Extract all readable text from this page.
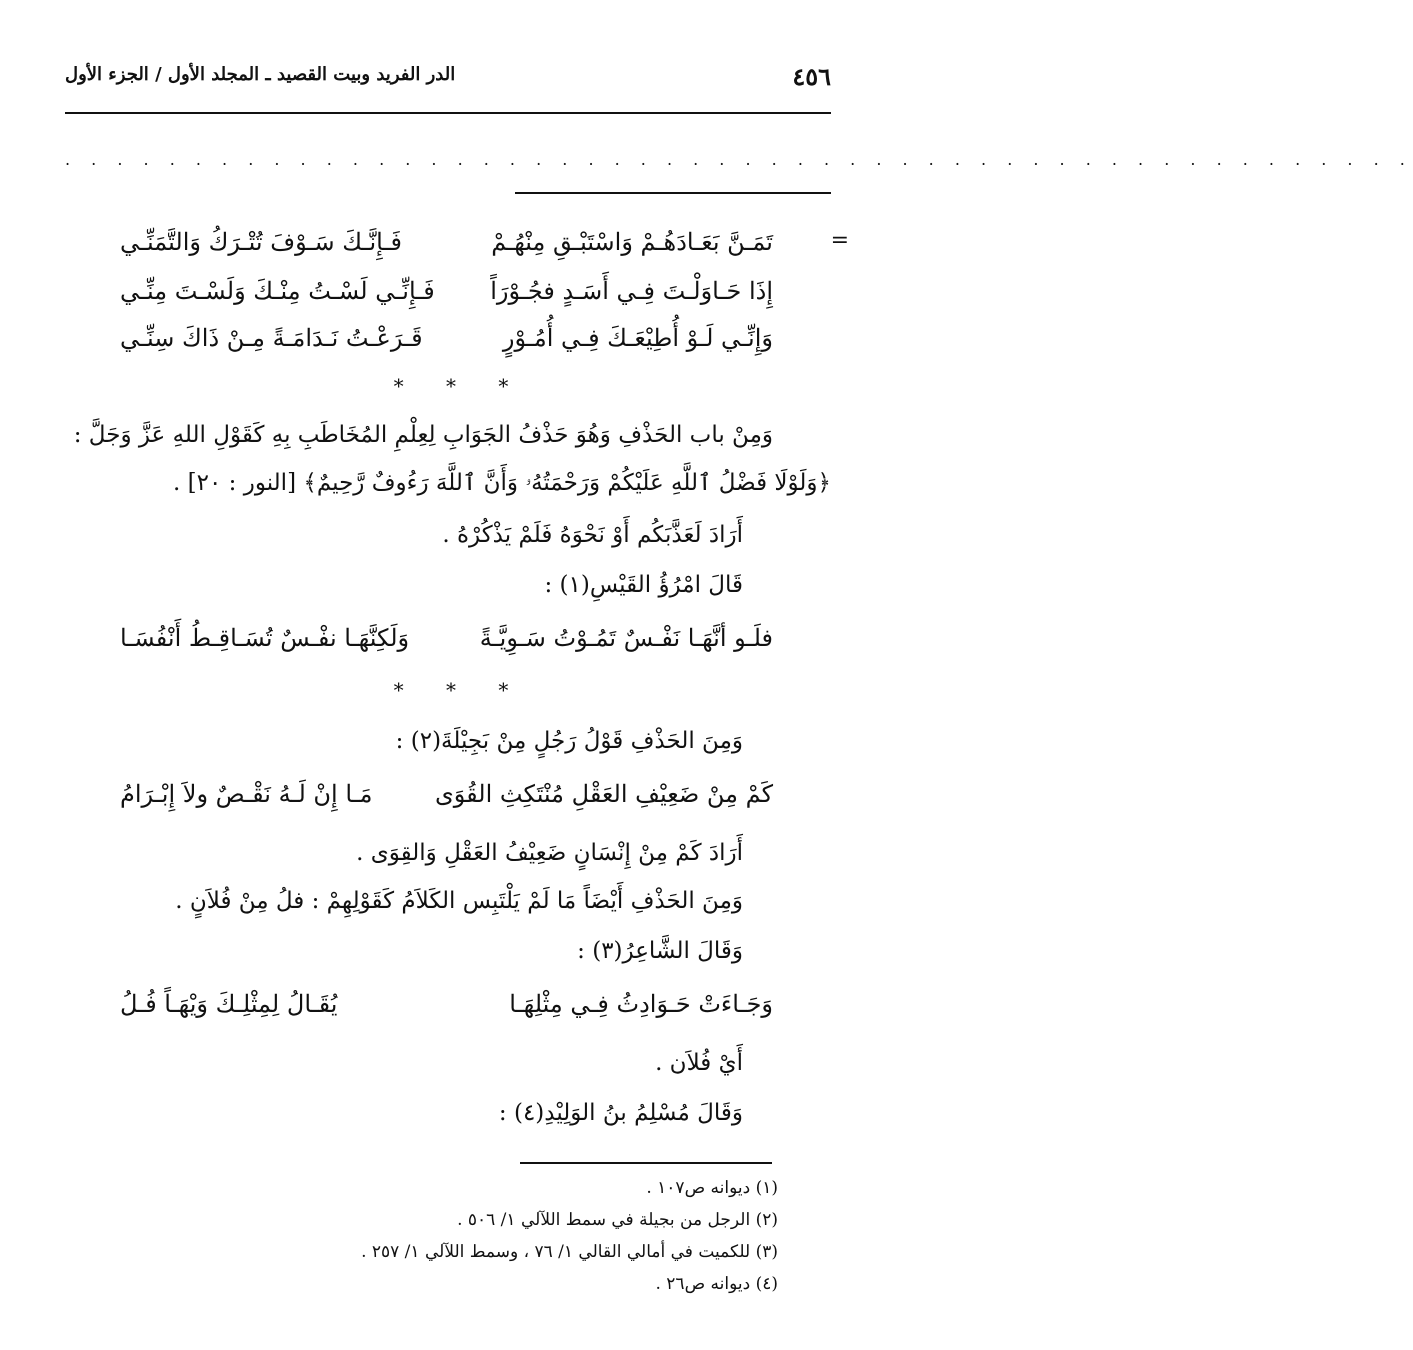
٤٥٦
الدر الفريد وبيت القصيد ـ المجلد الأول / الجزء الأول
. . . . . . . . . . . . . . . . . . . . . . . . . . . . . . . . . . . . . . . . . . . . . . . . . . . .
=
تَمَـنَّ بَعَـادَهُـمْ وَاسْتَبْـقِ مِنْهُـمْ
فَـإِنَّـكَ سَـوْفَ تُتْـرَكُ وَالتَّمَنِّـي
إِذَا حَـاوَلْـتَ فِـي أَسَـدٍ فجُـوْرَاً
فَـإِنِّـي لَسْـتُ مِنْـكَ وَلَسْـتَ مِنِّـي
وَإِنِّـي لَـوْ أُطِيْعَـكَ فِـي أُمُـوْرٍ
قَـرَعْـتُ نَـدَامَـةً مِـنْ ذَاكَ سِنِّـي
* * *
وَمِنْ باب الحَذْفِ وَهُوَ حَذْفُ الجَوَابِ لِعِلْمِ المُخَاطَبِ بِهِ كَقَوْلِ اللهِ عَزَّ وَجَلَّ :
﴿وَلَوْلَا فَضْلُ ٱللَّهِ عَلَيْكُمْ وَرَحْمَتُهُۥ وَأَنَّ ٱللَّهَ رَءُوفٌ رَّحِيمٌ﴾ [النور : ٢٠] .
أَرَادَ لَعَذَّبَكُم أَوْ نَحْوَهُ فَلَمْ يَذْكُرْهُ .
قَالَ امْرُؤُ القَيْسِ(١) :
فلَـو أنَّهَـا نَفْـسٌ تَمُـوْتُ سَـوِيَّـةً
وَلَكِنَّهَـا نفْـسٌ تُسَـاقِـطُ أَنْفُسَـا
* * *
وَمِنَ الحَذْفِ قَوْلُ رَجُلٍ مِنْ بَجِيْلَةَ(٢) :
كَمْ مِنْ ضَعِيْفِ العَقْلِ مُنْتَكِثِ القُوَى
مَـا إِنْ لَـهُ نَقْـصٌ ولاَ إِبْـرَامُ
أَرَادَ كَمْ مِنْ إِنْسَانٍ ضَعِيْفُ العَقْلِ وَالقِوَى .
وَمِنَ الحَذْفِ أَيْضَاً مَا لَمْ يَلْتَبِس الكَلاَمُ كَقَوْلِهِمْ : فلُ مِنْ فُلاَنٍ .
وَقَالَ الشَّاعِرُ(٣) :
وَجَـاءَتْ حَـوَادِثُ فِـي مِثْلِهَـا
يُقَـالُ لِمِثْلِـكَ وَيْهَـاً فُـلُ
أَيْ فُلاَن .
وَقَالَ مُسْلِمُ بنُ الوَلِيْدِ(٤) :
(١) ديوانه ص١٠٧ .
(٢) الرجل من بجيلة في سمط اللآلي ١/ ٥٠٦ .
(٣) للكميت في أمالي القالي ١/ ٧٦ ، وسمط اللآلي ١/ ٢٥٧ .
(٤) ديوانه ص٢٦ .
